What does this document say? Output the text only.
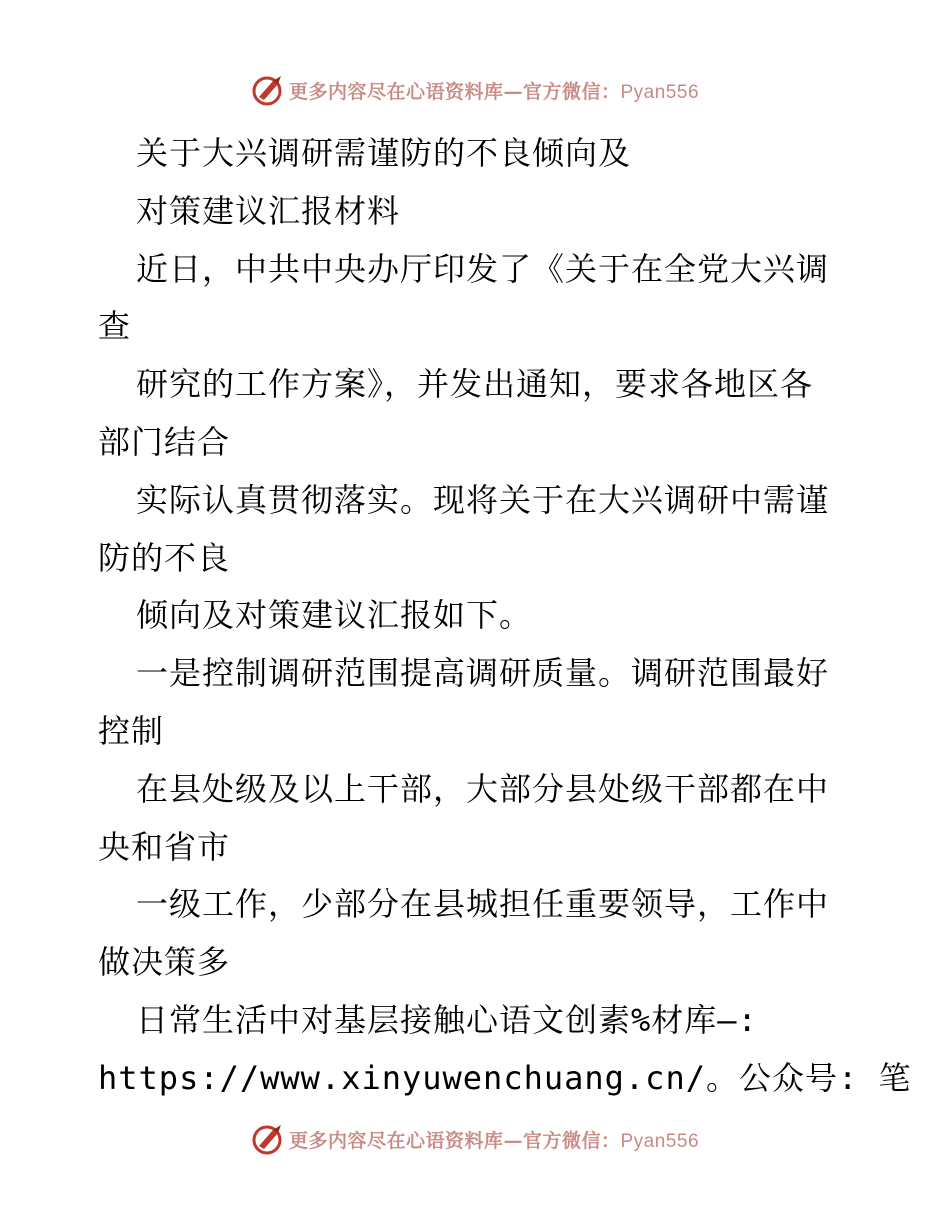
更多内容尽在心语资料库—官方微信：Pyan556
关于大兴调研需谨防的不良倾向及
对策建议汇报材料
近日，中共中央办厅印发了《关于在全党大兴调
查
研究的工作方案》，并发出通知，要求各地区各
部门结合
实际认真贯彻落实。现将关于在大兴调研中需谨
防的不良
倾向及对策建议汇报如下。
一是控制调研范围提高调研质量。调研范围最好
控制
在县处级及以上干部，大部分县处级干部都在中
央和省市
一级工作，少部分在县城担任重要领导，工作中
做决策多
日常生活中对基层接触心语文创素%材库—:
https://www.xinyuwenchuang.cn/。公众号: 笔
更多内容尽在心语资料库—官方微信：Pyan556
